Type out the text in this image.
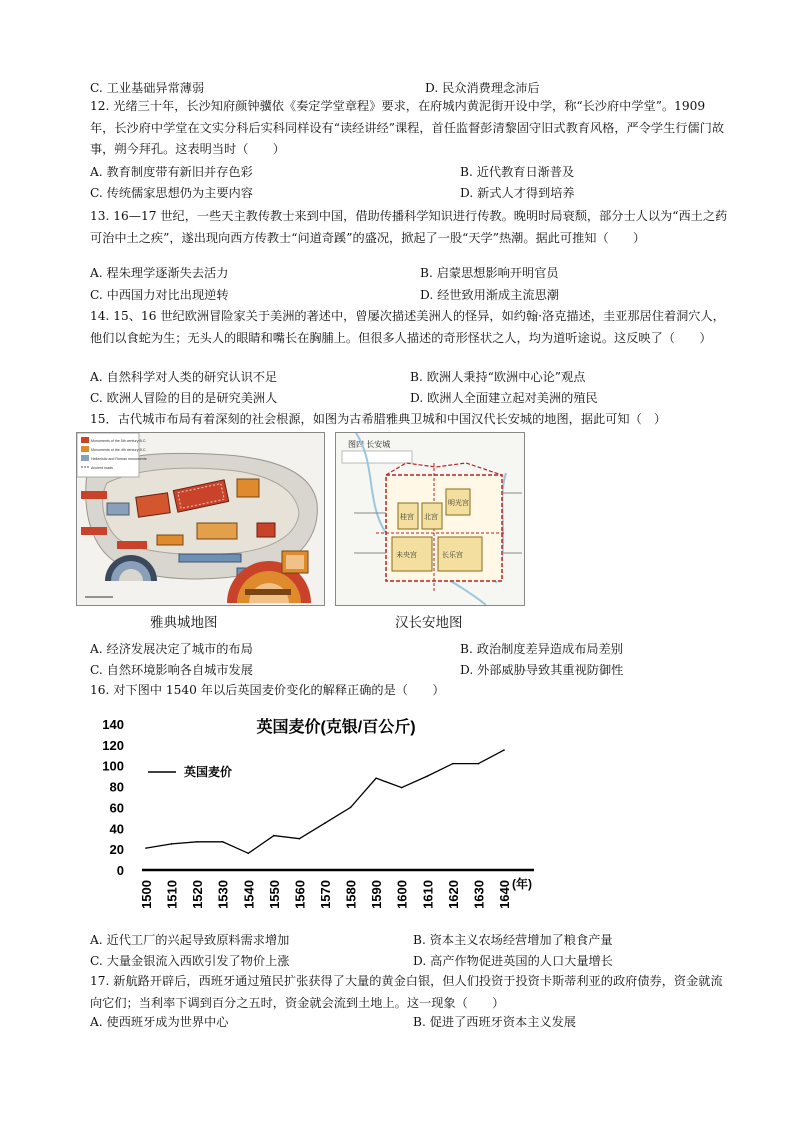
C. 工业基础异常薄弱	D. 民众消费理念沛后
12. 光绪三十年，长沙知府颜钟骥依《奏定学堂章程》要求，在府城内黄泥街开设中学，称“长沙府中学堂”。1909 年，长沙府中学堂在文实分科后实科同样设有“读经讲经”课程，首任监督彭清黎固守旧式教育风格，严令学生行儒门故事，朔今拜孔。这表明当时（　　）
A. 教育制度带有新旧并存色彩	B. 近代教育日渐普及
C. 传统儒家思想仍为主要内容	D. 新式人才得到培养
13. 16—17 世纪，一些天主教传教士来到中国，借助传播科学知识进行传教。晚明时局衰颓，部分士人以为“西土之药可治中土之疾”，遂出现向西方传教士“问道奇蹊”的盛况，掀起了一股“天学”热潮。据此可推知（　　）
A. 程朱理学逐渐失去活力	B. 启蒙思想影响开明官员
C. 中西国力对比出现逆转	D. 经世致用渐成主流思潮
14. 15、16 世纪欧洲冒险家关于美洲的著述中，曾屡次描述美洲人的怪异，如约翰·洛克描述，圭亚那居住着洞穴人，他们以食蛇为生；无头人的眼睛和嘴长在胸脯上。但很多人描述的奇形怪状之人，均为道听途说。这反映了（　　）
A. 自然科学对人类的研究认识不足	B. 欧洲人秉持“欧洲中心论”观点
C. 欧洲人冒险的目的是研究美洲人	D. 欧洲人全面建立起对美洲的殖民
15．古代城市布局有着深刻的社会根源，如图为古希腊雅典卫城和中国汉代长安城的地图，据此可知（　）
Monuments of the 5th century B.C.
Monuments of the 4th century B.C.
Hellenistic and Roman monuments
Ancient roads
雅典城地图
图四 长安城
桂宫 北宫
明光宫
未央宫	长乐宫
汉长安地图
A. 经济发展决定了城市的布局	B. 政治制度差异造成布局差别
C. 自然环境影响各自城市发展	D. 外部威胁导致其重视防御性
16. 对下图中 1540 年以后英国麦价变化的解释正确的是（　　）
英国麦价(克银/百公斤)
英国麦价
0
20
40
60
80
100
120
140
1500 1510 1520 1530 1540 1550 1560 1570 1580 1590 1600 1610 1620 1630 1640 (年)
A. 近代工厂的兴起导致原料需求增加	B. 资本主义农场经营增加了粮食产量
C. 大量金银流入西欧引发了物价上涨	D. 高产作物促进英国的人口大量增长
17. 新航路开辟后，西班牙通过殖民扩张获得了大量的黄金白银，但人们投资于投资卡斯蒂利亚的政府债券，资金就流向它们；当利率下调到百分之五时，资金就会流到土地上。这一现象（　　）
A. 使西班牙成为世界中心	B. 促进了西班牙资本主义发展
